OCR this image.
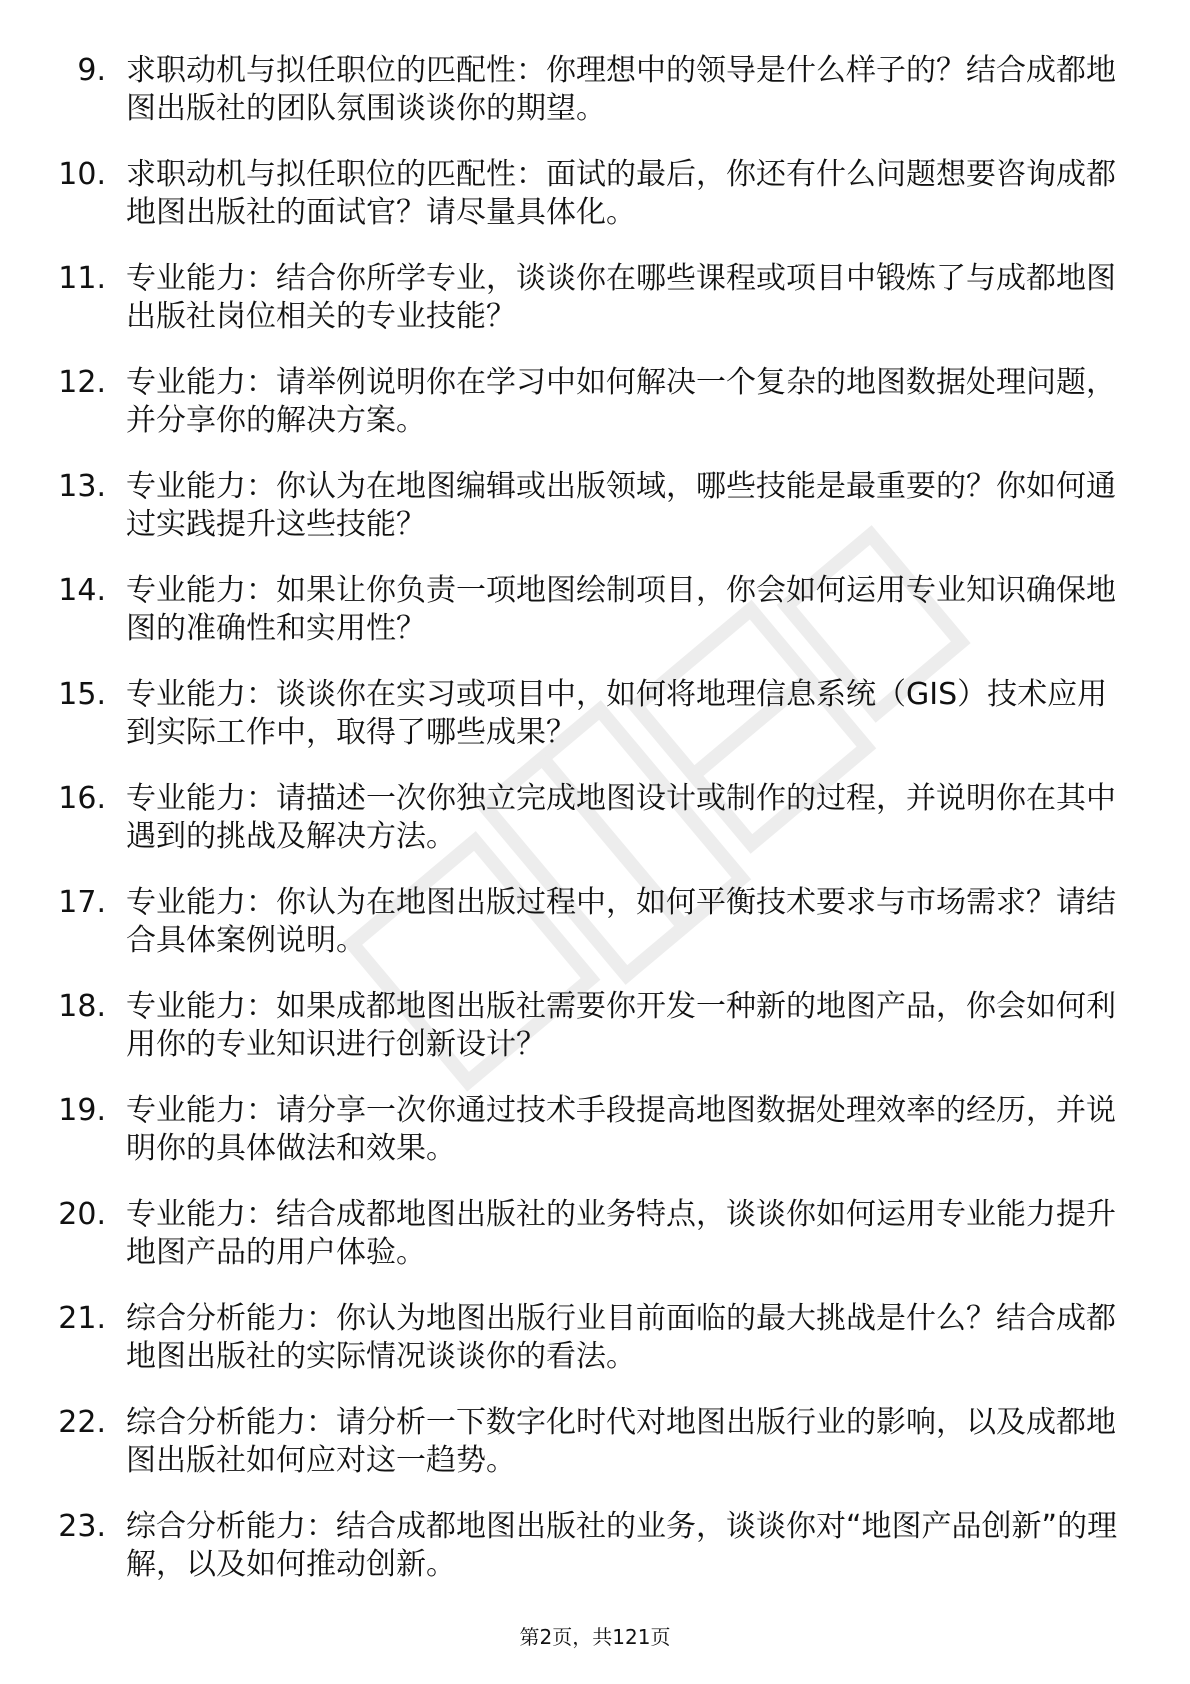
9. 求职动机与拟任职位的匹配性：你理想中的领导是什么样子的？结合成都地图出版社的团队氛围谈谈你的期望。
10. 求职动机与拟任职位的匹配性：面试的最后，你还有什么问题想要咨询成都地图出版社的面试官？请尽量具体化。
11. 专业能力：结合你所学专业，谈谈你在哪些课程或项目中锻炼了与成都地图出版社岗位相关的专业技能？
12. 专业能力：请举例说明你在学习中如何解决一个复杂的地图数据处理问题，并分享你的解决方案。
13. 专业能力：你认为在地图编辑或出版领域，哪些技能是最重要的？你如何通过实践提升这些技能？
14. 专业能力：如果让你负责一项地图绘制项目，你会如何运用专业知识确保地图的准确性和实用性？
15. 专业能力：谈谈你在实习或项目中，如何将地理信息系统（GIS）技术应用到实际工作中，取得了哪些成果？
16. 专业能力：请描述一次你独立完成地图设计或制作的过程，并说明你在其中遇到的挑战及解决方法。
17. 专业能力：你认为在地图出版过程中，如何平衡技术要求与市场需求？请结合具体案例说明。
18. 专业能力：如果成都地图出版社需要你开发一种新的地图产品，你会如何利用你的专业知识进行创新设计？
19. 专业能力：请分享一次你通过技术手段提高地图数据处理效率的经历，并说明你的具体做法和效果。
20. 专业能力：结合成都地图出版社的业务特点，谈谈你如何运用专业能力提升地图产品的用户体验。
21. 综合分析能力：你认为地图出版行业目前面临的最大挑战是什么？结合成都地图出版社的实际情况谈谈你的看法。
22. 综合分析能力：请分析一下数字化时代对地图出版行业的影响，以及成都地图出版社如何应对这一趋势。
23. 综合分析能力：结合成都地图出版社的业务，谈谈你对“地图产品创新”的理解，以及如何推动创新。
第2页，共121页
